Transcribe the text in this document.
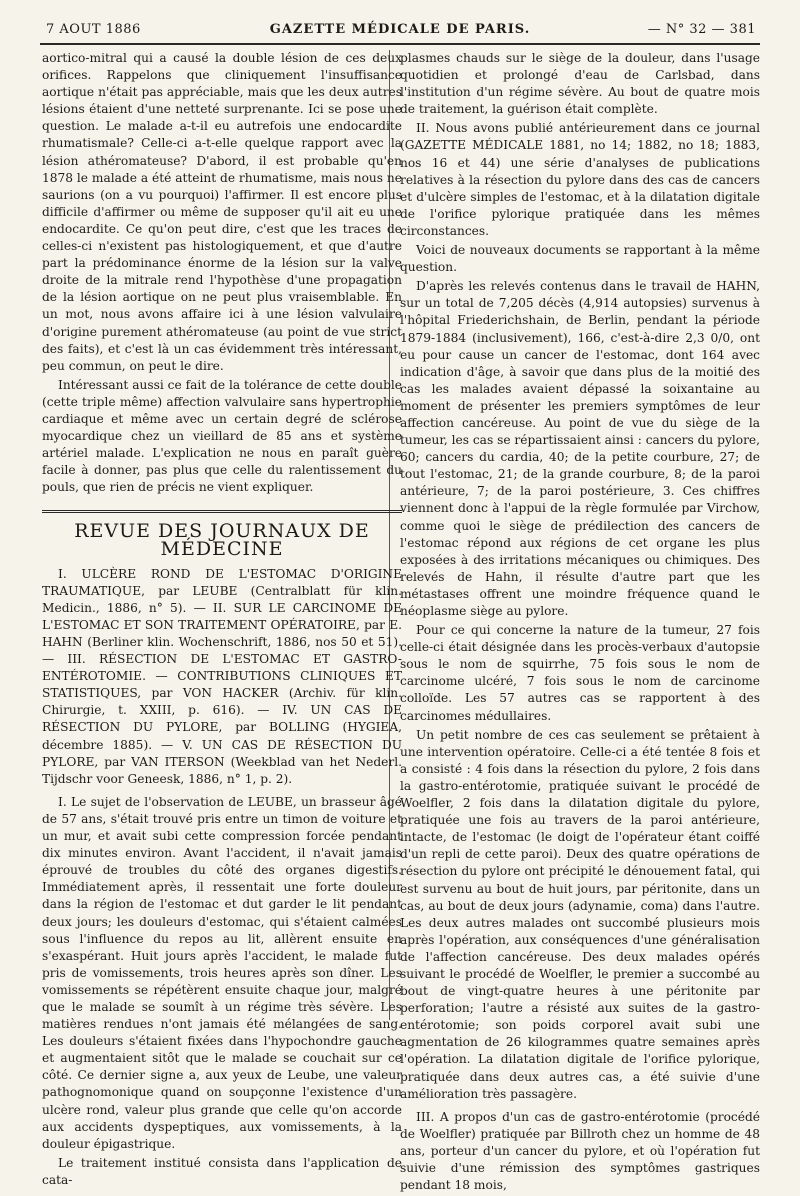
7 AOUT 1886	GAZETTE MÉDICALE DE PARIS.	— N° 32 — 381

aortico-mitral qui a causé la double lésion de ces deux orifices. Rappelons que cliniquement l'insuffisance aortique n'était pas appréciable, mais que les deux autres lésions étaient d'une netteté surprenante. Ici se pose une question. Le malade a-t-il eu autrefois une endocardite rhumatismale? Celle-ci a-t-elle quelque rapport avec la lésion athéromateuse? D'abord, il est probable qu'en 1878 le malade a été atteint de rhumatisme, mais nous ne saurions (on a vu pourquoi) l'affirmer. Il est encore plus difficile d'affirmer ou même de supposer qu'il ait eu une endocardite. Ce qu'on peut dire, c'est que les traces de celles-ci n'existent pas histologiquement, et que d'autre part la prédominance énorme de la lésion sur la valve droite de la mitrale rend l'hypothèse d'une propagation de la lésion aortique on ne peut plus vraisemblable. En un mot, nous avons affaire ici à une lésion valvulaire d'origine purement athéromateuse (au point de vue strict des faits), et c'est là un cas évidemment très intéressant, peu commun, on peut le dire.

Intéressant aussi ce fait de la tolérance de cette double (cette triple même) affection valvulaire sans hypertrophie cardiaque et même avec un certain degré de sclérose myocardique chez un vieillard de 85 ans et système artériel malade. L'explication ne nous en paraît guère facile à donner, pas plus que celle du ralentissement du pouls, que rien de précis ne vient expliquer.

REVUE DES JOURNAUX DE MÉDECINE

I. ULCÈRE ROND DE L'ESTOMAC D'ORIGINE TRAUMATIQUE, par LEUBE (Centralblatt für klin. Medicin., 1886, n° 5). — II. SUR LE CARCINOME DE L'ESTOMAC ET SON TRAITEMENT OPÉRATOIRE, par E. HAHN (Berliner klin. Wochenschrift, 1886, nos 50 et 51). — III. RÉSECTION DE L'ESTOMAC ET GASTRO-ENTÉROTOMIE. — CONTRIBUTIONS CLINIQUES ET STATISTIQUES, par VON HACKER (Archiv. für klin. Chirurgie, t. XXIII, p. 616). — IV. UN CAS DE RÉSECTION DU PYLORE, par BOLLING (HYGIEA, décembre 1885). — V. UN CAS DE RÉSECTION DU PYLORE, par VAN ITERSON (Weekblad van het Nederl. Tijdschr voor Geneesk, 1886, n° 1, p. 2).

I. Le sujet de l'observation de LEUBE, un brasseur âgé de 57 ans, s'était trouvé pris entre un timon de voiture et un mur, et avait subi cette compression forcée pendant dix minutes environ. Avant l'accident, il n'avait jamais éprouvé de troubles du côté des organes digestifs. Immédiatement après, il ressentait une forte douleur dans la région de l'estomac et dut garder le lit pendant deux jours; les douleurs d'estomac, qui s'étaient calmées sous l'influence du repos au lit, allèrent ensuite en s'exaspérant. Huit jours après l'accident, le malade fut pris de vomissements, trois heures après son dîner. Les vomissements se répétèrent ensuite chaque jour, malgré que le malade se soumît à un régime très sévère. Les matières rendues n'ont jamais été mélangées de sang. Les douleurs s'étaient fixées dans l'hypochondre gauche et augmentaient sitôt que le malade se couchait sur ce côté. Ce dernier signe a, aux yeux de Leube, une valeur pathognomonique quand on soupçonne l'existence d'un ulcère rond, valeur plus grande que celle qu'on accorde aux accidents dyspeptiques, aux vomissements, à la douleur épigastrique.

Le traitement institué consista dans l'application de cata-

plasmes chauds sur le siège de la douleur, dans l'usage quotidien et prolongé d'eau de Carlsbad, dans l'institution d'un régime sévère. Au bout de quatre mois de traitement, la guérison était complète.

II. Nous avons publié antérieurement dans ce journal (GAZETTE MÉDICALE 1881, no 14; 1882, no 18; 1883, nos 16 et 44) une série d'analyses de publications relatives à la résection du pylore dans des cas de cancers et d'ulcère simples de l'estomac, et à la dilatation digitale de l'orifice pylorique pratiquée dans les mêmes circonstances.

Voici de nouveaux documents se rapportant à la même question.

D'après les relevés contenus dans le travail de HAHN, sur un total de 7,205 décès (4,914 autopsies) survenus à l'hôpital Friederichshain, de Berlin, pendant la période 1879-1884 (inclusivement), 166, c'est-à-dire 2,3 0/0, ont eu pour cause un cancer de l'estomac, dont 164 avec indication d'âge, à savoir que dans plus de la moitié des cas les malades avaient dépassé la soixantaine au moment de présenter les premiers symptômes de leur affection cancéreuse. Au point de vue du siège de la tumeur, les cas se répartissaient ainsi : cancers du pylore, 60; cancers du cardia, 40; de la petite courbure, 27; de tout l'estomac, 21; de la grande courbure, 8; de la paroi antérieure, 7; de la paroi postérieure, 3. Ces chiffres viennent donc à l'appui de la règle formulée par Virchow, comme quoi le siège de prédilection des cancers de l'estomac répond aux régions de cet organe les plus exposées à des irritations mécaniques ou chimiques. Des relevés de Hahn, il résulte d'autre part que les métastases offrent une moindre fréquence quand le néoplasme siège au pylore.

Pour ce qui concerne la nature de la tumeur, 27 fois celle-ci était désignée dans les procès-verbaux d'autopsie sous le nom de squirrhe, 75 fois sous le nom de carcinome ulcéré, 7 fois sous le nom de carcinome colloïde. Les 57 autres cas se rapportent à des carcinomes médullaires.

Un petit nombre de ces cas seulement se prêtaient à une intervention opératoire. Celle-ci a été tentée 8 fois et a consisté : 4 fois dans la résection du pylore, 2 fois dans la gastro-entérotomie, pratiquée suivant le procédé de Woelfler, 2 fois dans la dilatation digitale du pylore, pratiquée une fois au travers de la paroi antérieure, intacte, de l'estomac (le doigt de l'opérateur étant coiffé d'un repli de cette paroi). Deux des quatre opérations de résection du pylore ont précipité le dénouement fatal, qui est survenu au bout de huit jours, par péritonite, dans un cas, au bout de deux jours (adynamie, coma) dans l'autre. Les deux autres malades ont succombé plusieurs mois après l'opération, aux conséquences d'une généralisation de l'affection cancéreuse. Des deux malades opérés suivant le procédé de Woelfler, le premier a succombé au bout de vingt-quatre heures à une péritonite par perforation; l'autre a résisté aux suites de la gastro-entérotomie; son poids corporel avait subi une agmentation de 26 kilogrammes quatre semaines après l'opération. La dilatation digitale de l'orifice pylorique, pratiquée dans deux autres cas, a été suivie d'une amélioration très passagère.

III. A propos d'un cas de gastro-entérotomie (procédé de Woelfler) pratiquée par Billroth chez un homme de 48 ans, porteur d'un cancer du pylore, et où l'opération fut suivie d'une rémission des symptômes gastriques pendant 18 mois,
